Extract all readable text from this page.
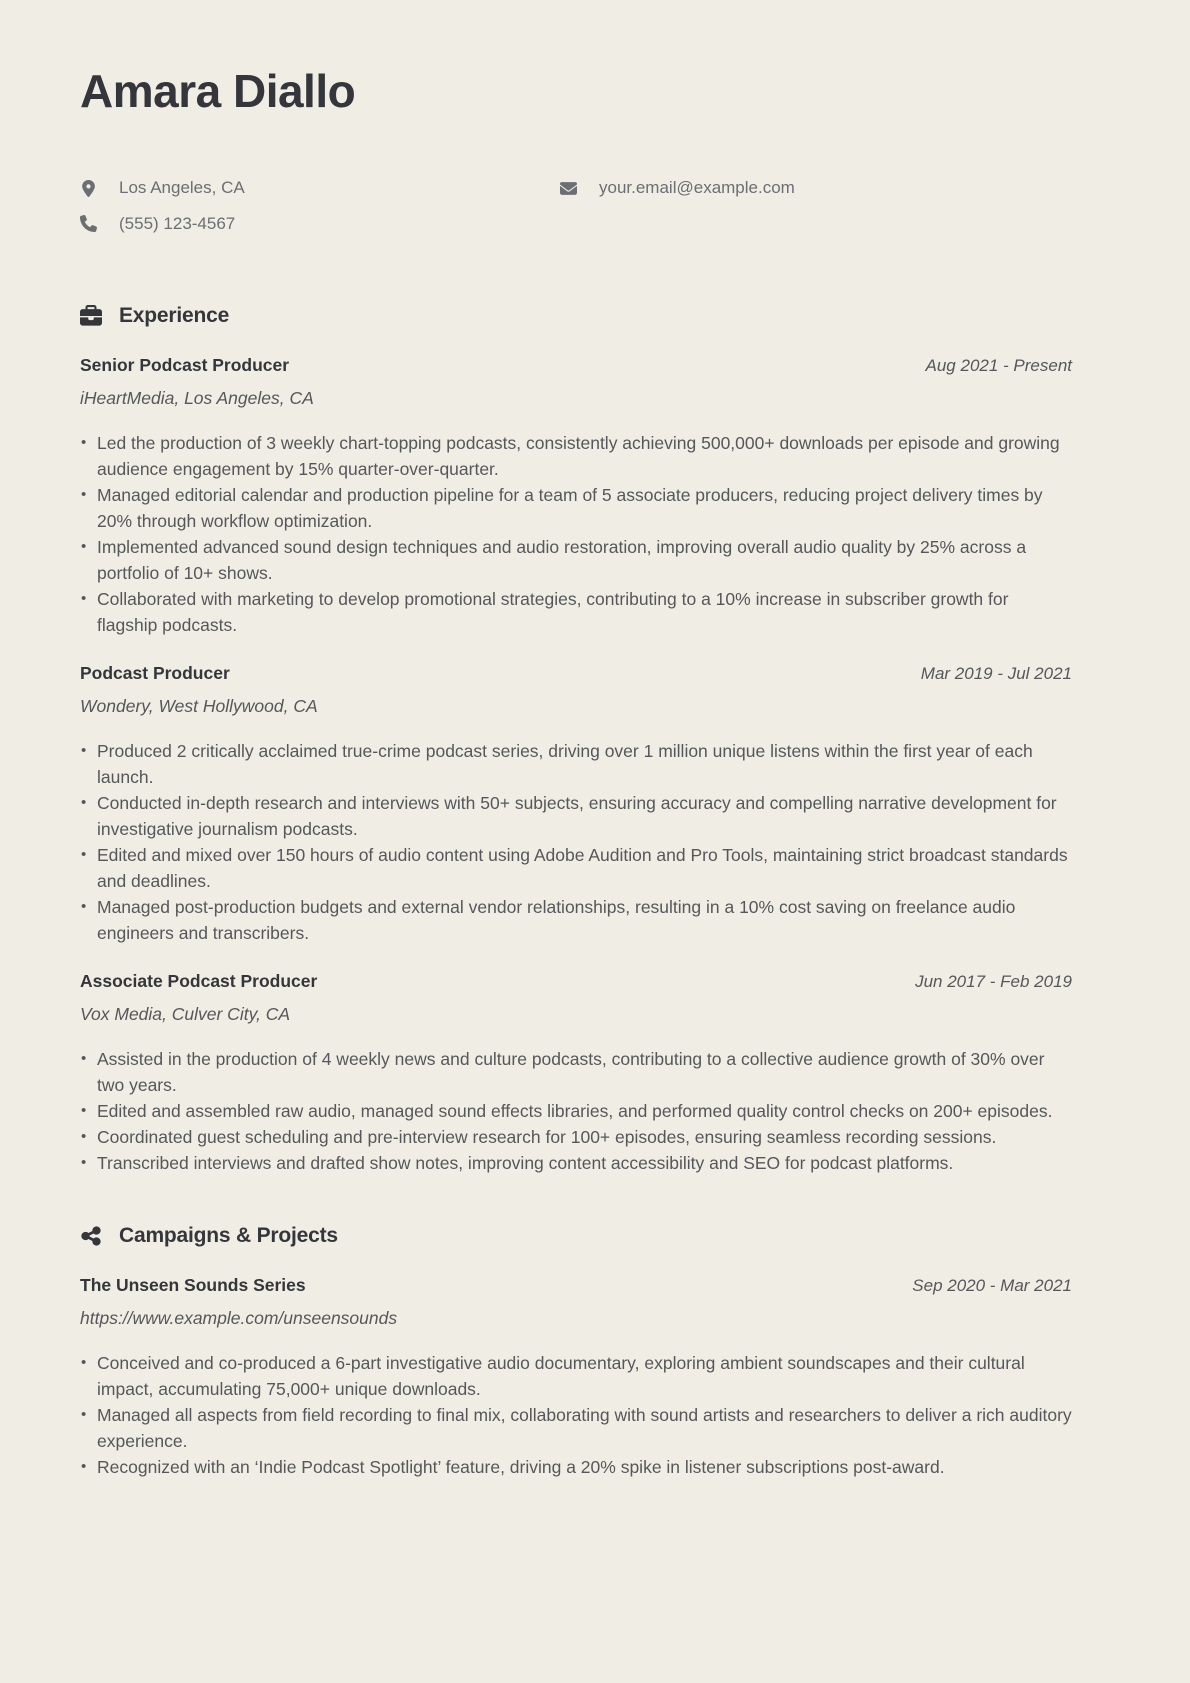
Amara Diallo
Los Angeles, CA
(555) 123-4567
your.email@example.com
Experience
Senior Podcast Producer	Aug 2021 - Present
iHeartMedia, Los Angeles, CA
• Led the production of 3 weekly chart-topping podcasts, consistently achieving 500,000+ downloads per episode and growing audience engagement by 15% quarter-over-quarter.
• Managed editorial calendar and production pipeline for a team of 5 associate producers, reducing project delivery times by 20% through workflow optimization.
• Implemented advanced sound design techniques and audio restoration, improving overall audio quality by 25% across a portfolio of 10+ shows.
• Collaborated with marketing to develop promotional strategies, contributing to a 10% increase in subscriber growth for flagship podcasts.
Podcast Producer	Mar 2019 - Jul 2021
Wondery, West Hollywood, CA
• Produced 2 critically acclaimed true-crime podcast series, driving over 1 million unique listens within the first year of each launch.
• Conducted in-depth research and interviews with 50+ subjects, ensuring accuracy and compelling narrative development for investigative journalism podcasts.
• Edited and mixed over 150 hours of audio content using Adobe Audition and Pro Tools, maintaining strict broadcast standards and deadlines.
• Managed post-production budgets and external vendor relationships, resulting in a 10% cost saving on freelance audio engineers and transcribers.
Associate Podcast Producer	Jun 2017 - Feb 2019
Vox Media, Culver City, CA
• Assisted in the production of 4 weekly news and culture podcasts, contributing to a collective audience growth of 30% over two years.
• Edited and assembled raw audio, managed sound effects libraries, and performed quality control checks on 200+ episodes.
• Coordinated guest scheduling and pre-interview research for 100+ episodes, ensuring seamless recording sessions.
• Transcribed interviews and drafted show notes, improving content accessibility and SEO for podcast platforms.
Campaigns & Projects
The Unseen Sounds Series	Sep 2020 - Mar 2021
https://www.example.com/unseensounds
• Conceived and co-produced a 6-part investigative audio documentary, exploring ambient soundscapes and their cultural impact, accumulating 75,000+ unique downloads.
• Managed all aspects from field recording to final mix, collaborating with sound artists and researchers to deliver a rich auditory experience.
• Recognized with an ‘Indie Podcast Spotlight’ feature, driving a 20% spike in listener subscriptions post-award.
